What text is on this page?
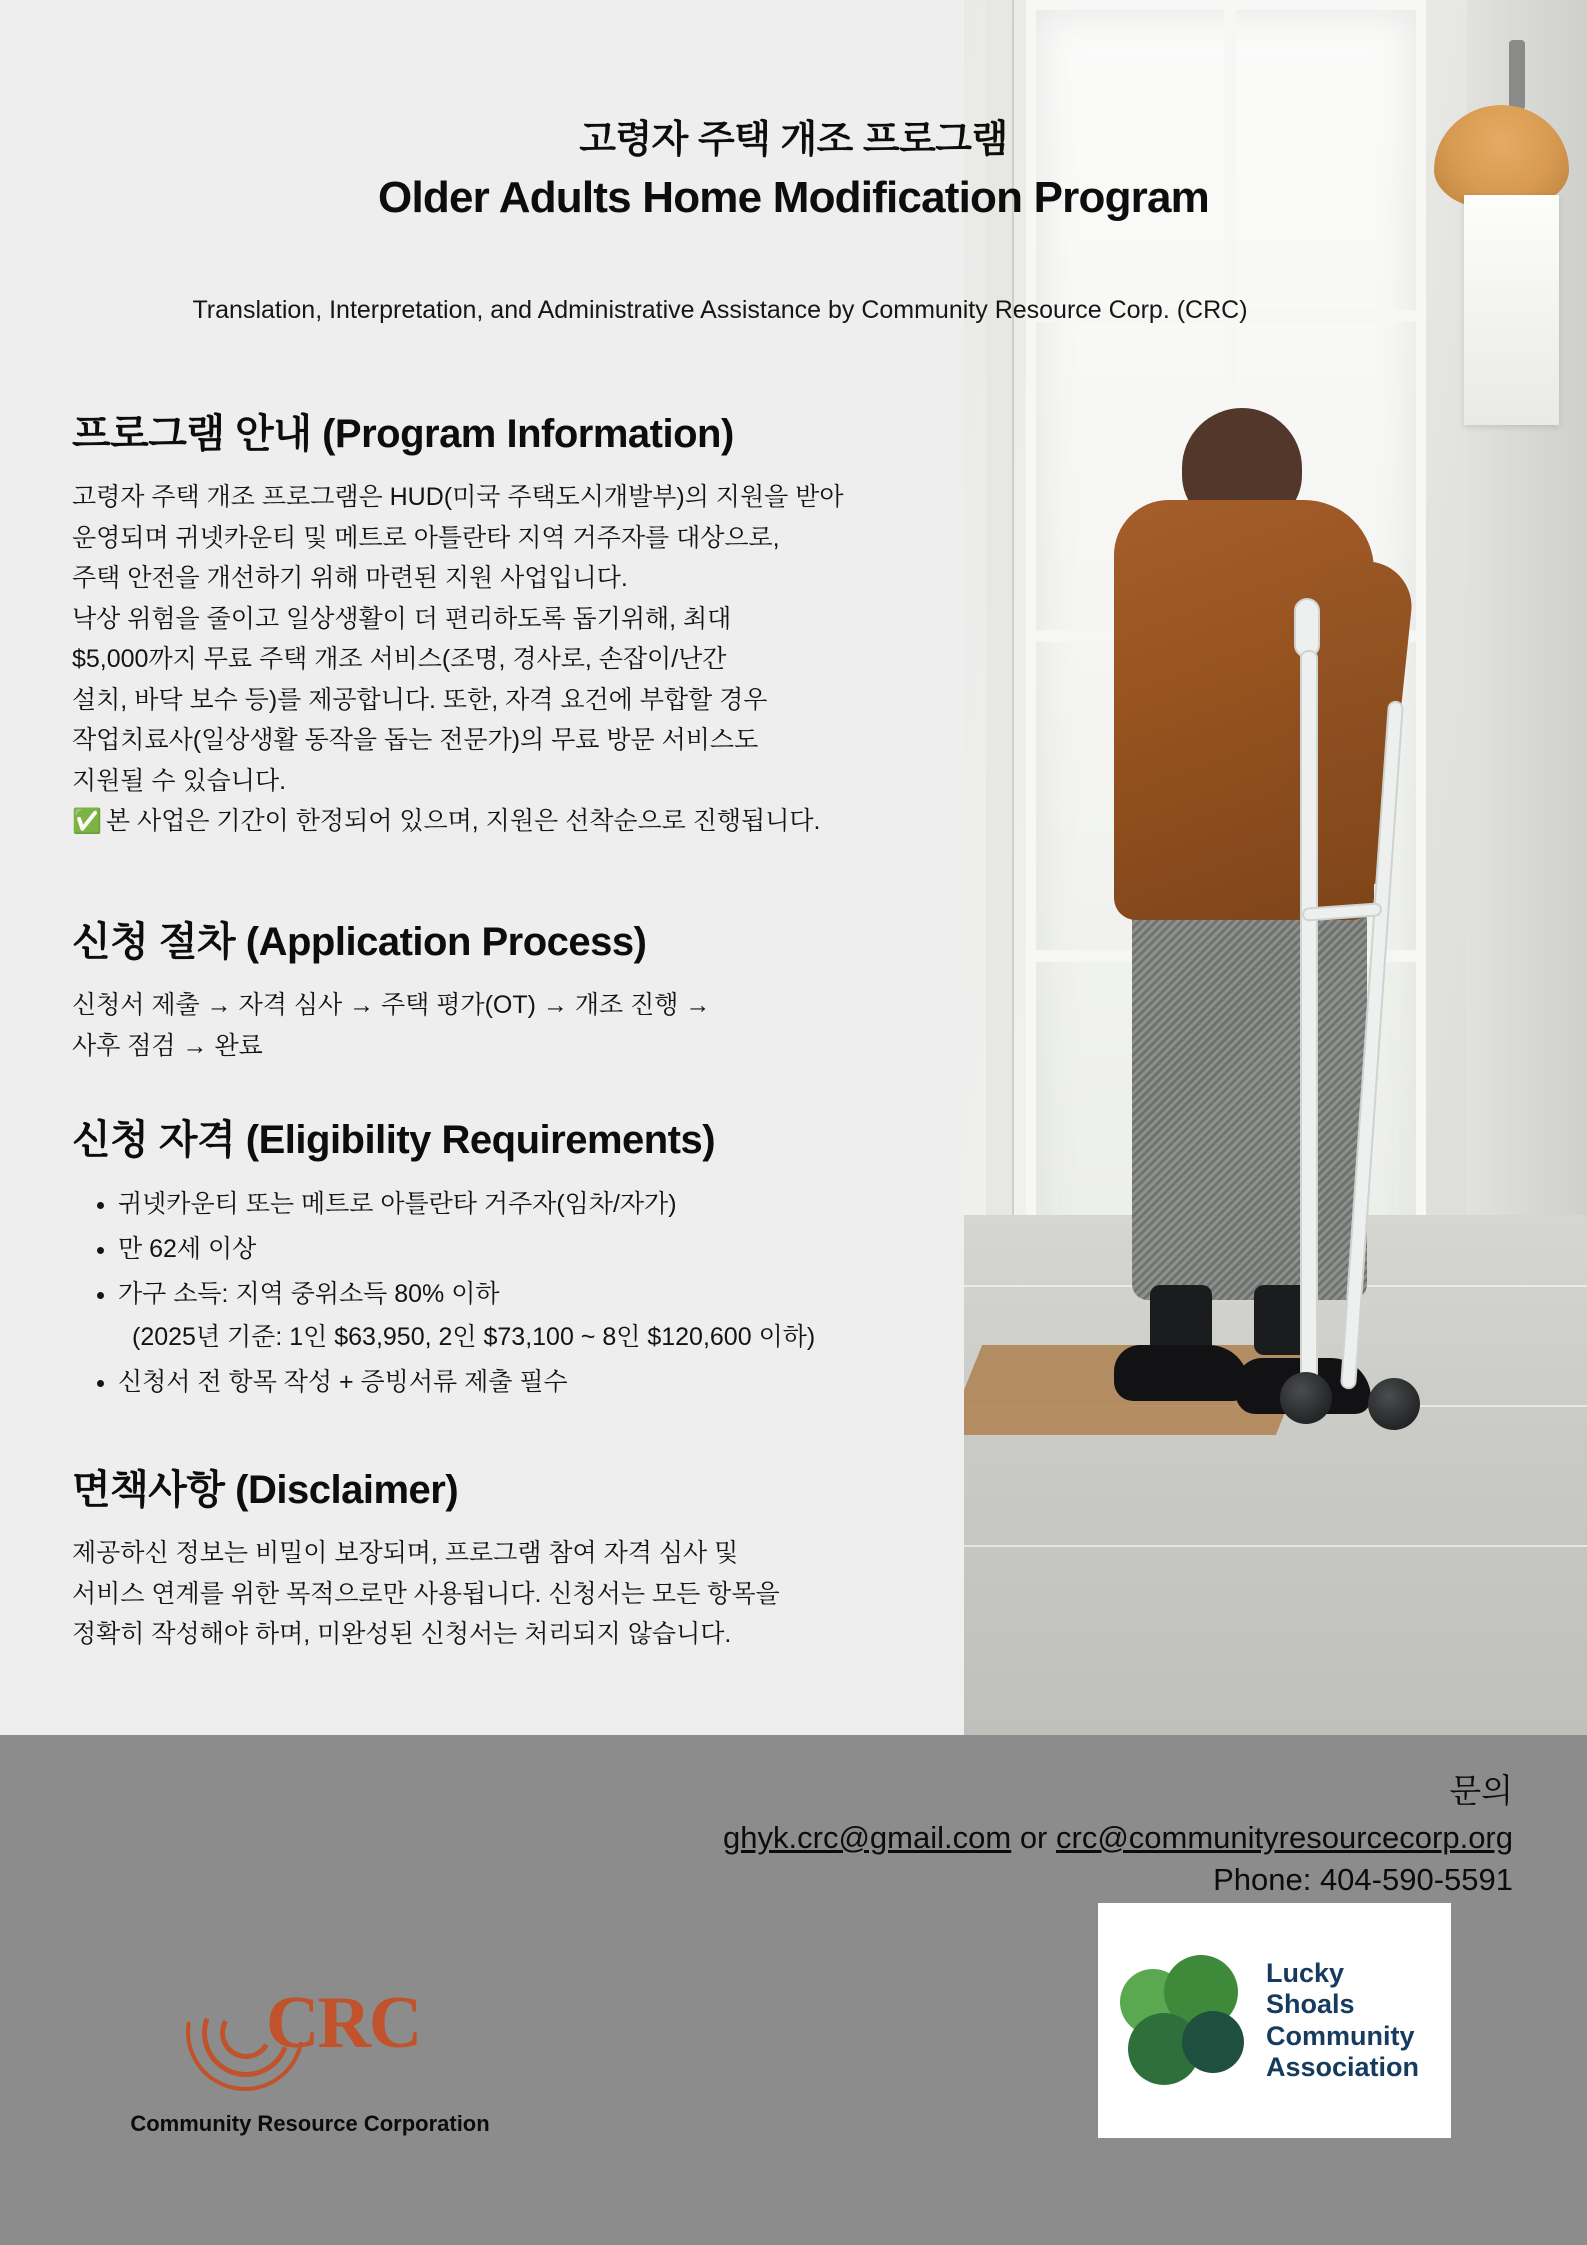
고령자 주택 개조 프로그램
Older Adults Home Modification Program
Translation, Interpretation, and Administrative Assistance by Community Resource Corp. (CRC)
프로그램 안내 (Program Information)

고령자 주택 개조 프로그램은 HUD(미국 주택도시개발부)의 지원을 받아

운영되며 귀넷카운티 및 메트로 아틀란타 지역 거주자를 대상으로,

주택 안전을 개선하기 위해 마련된 지원 사업입니다.

낙상 위험을 줄이고 일상생활이 더 편리하도록 돕기위해, 최대

$5,000까지 무료 주택 개조 서비스(조명, 경사로, 손잡이/난간

설치, 바닥 보수 등)를 제공합니다. 또한, 자격 요건에 부합할 경우

작업치료사(일상생활 동작을 돕는 전문가)의 무료 방문 서비스도

지원될 수 있습니다.

✅ 본 사업은 기간이 한정되어 있으며, 지원은 선착순으로 진행됩니다.

신청 절차 (Application Process)

신청서 제출 → 자격 심사 → 주택 평가(OT) → 개조 진행 →

사후 점검 → 완료

신청 자격 (Eligibility Requirements)
• 귀넷카운티 또는 메트로 아틀란타 거주자(임차/자가)
• 만 62세 이상
• 가구 소득: 지역 중위소득 80% 이하
(2025년 기준: 1인 $63,950, 2인 $73,100 ~ 8인 $120,600 이하)
• 신청서 전 항목 작성 + 증빙서류 제출 필수
면책사항 (Disclaimer)

제공하신 정보는 비밀이 보장되며, 프로그램 참여 자격 심사 및

서비스 연계를 위한 목적으로만 사용됩니다. 신청서는 모든 항목을

정확히 작성해야 하며, 미완성된 신청서는 처리되지 않습니다.

문의
ghyk.crc@gmail.com or crc@communityresourcecorp.org
Phone: 404-590-5591
CRC
Community Resource Corporation
Lucky
Shoals
Community
Association
